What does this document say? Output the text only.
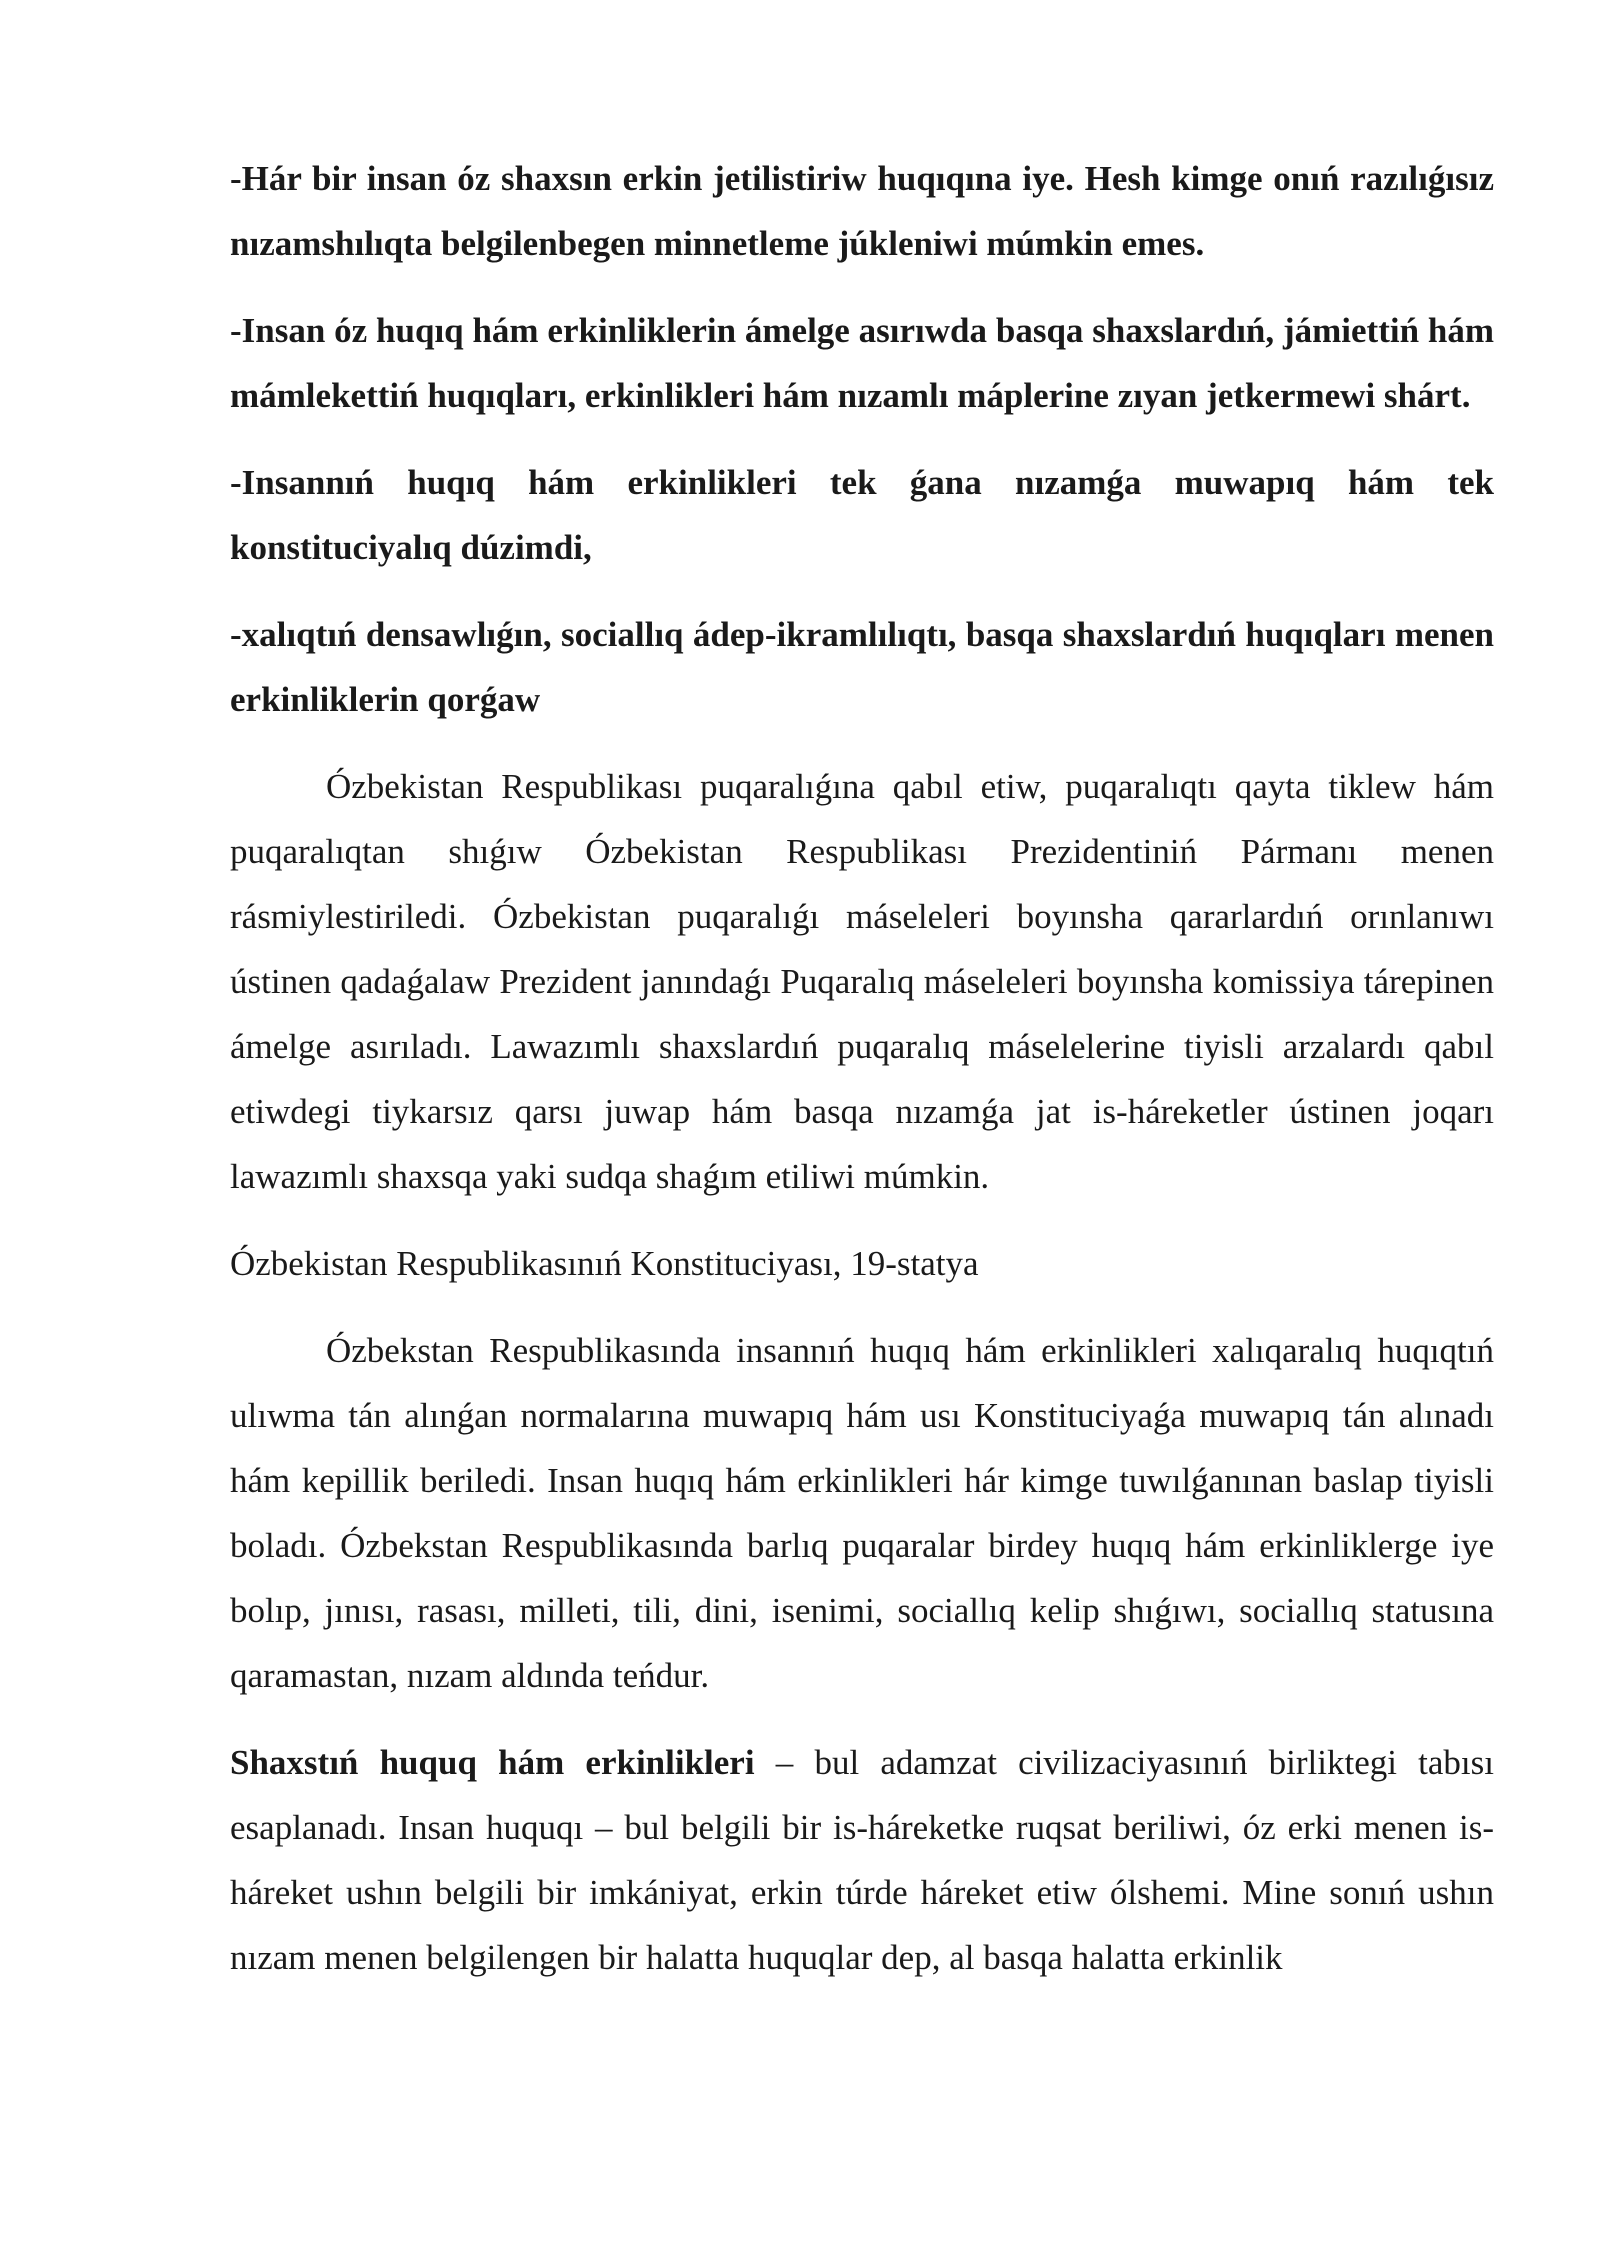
-Hár bir insan óz shaxsın erkin jetilistiriw huqıqına iye. Hesh kimge onıń razılıǵısız nızamshılıqta belgilenbegen minnetleme júkleniwi múmkin emes.

-Insan óz huqıq hám erkinliklerin ámelge asırıwda basqa shaxslardıń, jámiettiń hám mámlekettiń huqıqları, erkinlikleri hám nızamlı máplerine zıyan jetkermewi shárt.

-Insannıń huqıq hám erkinlikleri tek ǵana nızamǵa muwapıq hám tek konstituciyalıq dúzimdi,

-xalıqtıń densawlıǵın, sociallıq ádep-ikramlılıqtı, basqa shaxslardıń huqıqları menen erkinliklerin qorǵaw

Ózbekistan Respublikası puqaralıǵına qabıl etiw, puqaralıqtı qayta tiklew hám puqaralıqtan shıǵıw Ózbekistan Respublikası Prezidentiniń Pármanı menen rásmiylestiriledi. Ózbekistan puqaralıǵı máseleleri boyınsha qararlardıń orınlanıwı ústinen qadaǵalaw Prezident janındaǵı Puqaralıq máseleleri boyınsha komissiya tárepinen ámelge asırıladı. Lawazımlı shaxslardıń puqaralıq máselelerine tiyisli arzalardı qabıl etiwdegi tiykarsız qarsı juwap hám basqa nızamǵa jat is-háreketler ústinen joqarı lawazımlı shaxsqa yaki sudqa shaǵım etiliwi múmkin.

Ózbekistan Respublikasınıń Konstituciyası, 19-statya

Ózbekstan Respublikasında insannıń huqıq hám erkinlikleri xalıqaralıq huqıqtıń ulıwma tán alınǵan normalarına muwapıq hám usı Konstituciyaǵa muwapıq tán alınadı hám kepillik beriledi. Insan huqıq hám erkinlikleri hár kimge tuwılǵanınan baslap tiyisli boladı. Ózbekstan Respublikasında barlıq puqaralar birdey huqıq hám erkinliklerge iye bolıp, jınısı, rasası, milleti, tili, dini, isenimi, sociallıq kelip shıǵıwı, sociallıq statusına qaramastan, nızam aldında teńdur.

Shaxstıń huquq hám erkinlikleri – bul adamzat civilizaciyasınıń birliktegi tabısı esaplanadı. Insan huquqı – bul belgili bir is-háreketke ruqsat beriliwi, óz erki menen is-háreket ushın belgili bir imkániyat, erkin túrde háreket etiw ólshemi. Mine sonıń ushın nızam menen belgilengen bir halatta huquqlar dep, al basqa halatta erkinlik
